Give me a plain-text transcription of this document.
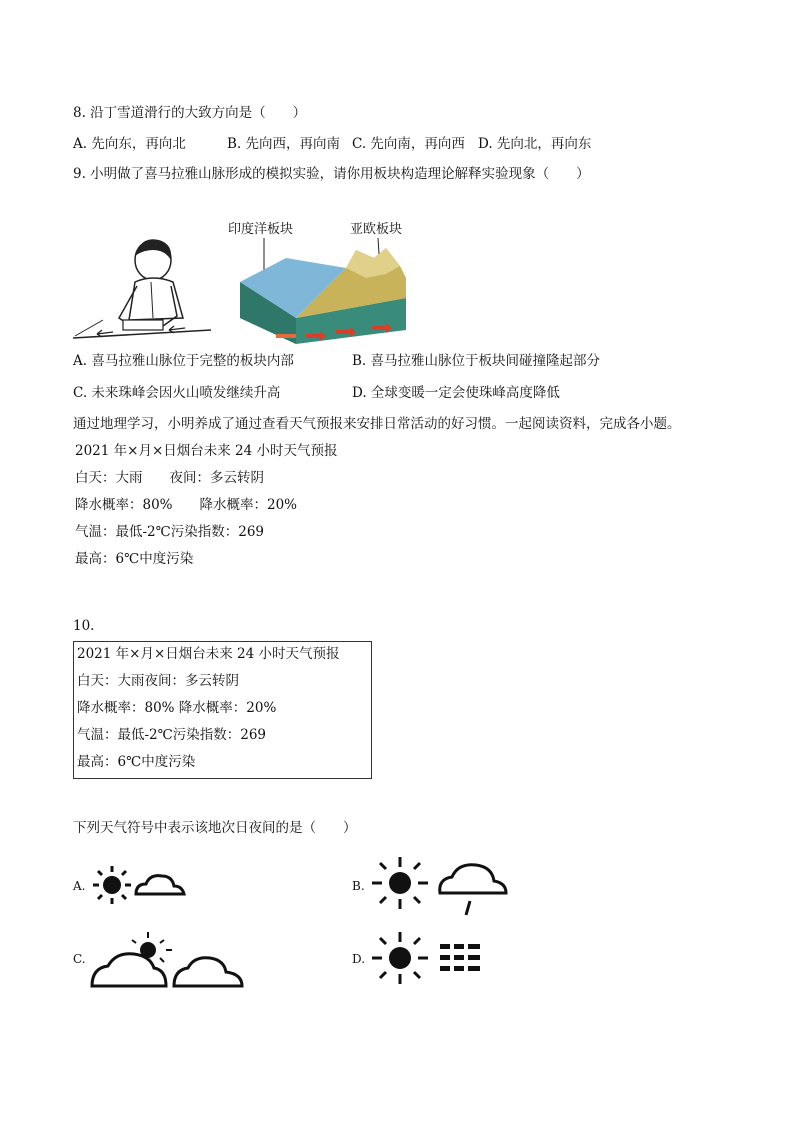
8. 沿丁雪道滑行的大致方向是（　　）
A. 先向东，再向北	B. 先向西，再向南 C. 先向南，再向西 D. 先向北，再向东
9. 小明做了喜马拉雅山脉形成的模拟实验，请你用板块构造理论解释实验现象（　　）
印度洋板块	亚欧板块
A. 喜马拉雅山脉位于完整的板块内部	B. 喜马拉雅山脉位于板块间碰撞隆起部分
C. 未来珠峰会因火山喷发继续升高	D. 全球变暖一定会使珠峰高度降低
通过地理学习，小明养成了通过查看天气预报来安排日常活动的好习惯。一起阅读资料，完成各小题。
2021 年×月×日烟台未来 24 小时天气预报
白天：大雨　　夜间：多云转阴
降水概率：80%　　降水概率：20%
气温：最低-2℃污染指数：269
最高：6℃中度污染
10.
2021 年×月×日烟台未来 24 小时天气预报
白天：大雨夜间：多云转阴
降水概率：80% 降水概率：20%
气温：最低-2℃污染指数：269
最高：6℃中度污染
下列天气符号中表示该地次日夜间的是（　　）
A.	B.
C.	D.
